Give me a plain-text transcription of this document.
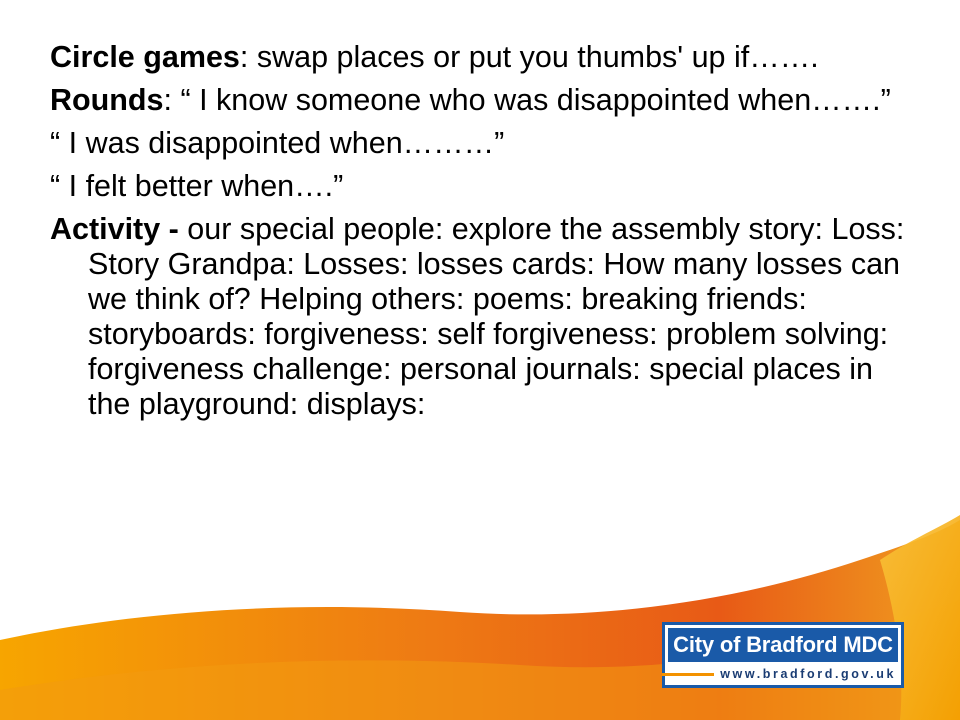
Circle games: swap places or put you thumbs' up if…….

Rounds: “ I know someone who was disappointed when…….”

“ I was disappointed when………”

“ I felt better when….”

Activity - our special people: explore the assembly story: Loss: Story Grandpa: Losses: losses cards: How many losses can we think of? Helping others: poems: breaking friends: storyboards: forgiveness: self forgiveness: problem solving: forgiveness challenge: personal journals: special places in the playground: displays:

City of Bradford MDC
www.bradford.gov.uk
